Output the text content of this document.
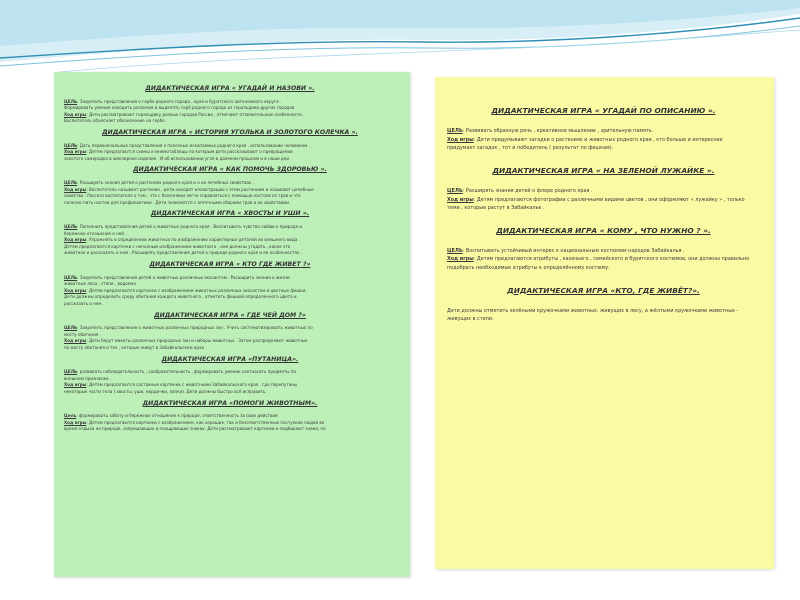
ДИДАКТИЧЕСКАЯ ИГРА « УГАДАЙ И НАЗОВИ ».

ЦЕЛЬ: Закрепить представления о гербе родного города , края и бурятского автономного округа .

Формировать умение находить различия и выделять герб родного города из геральдики других городов .

Ход игры: Дети рассматривают геральдику разных городов России , отмечают отличительные особенности .

Воспитатель объясняет обозначение на гербе .

ДИДАКТИЧЕСКАЯ ИГРА « ИСТОРИЯ УГОЛЬКА И ЗОЛОТОГО КОЛЕЧКА ».

ЦЕЛЬ: Дать первоначальные представления о полезных ископаемых родного края , использовании человеком .

Ход игры: Детям предлагаются схемы и мнемотаблицы по которым дети рассказывают о превращении

золотого самородка в ювелирное изделие . И об использовании угля в далеком прошлом и в наши дни .

ДИДАКТИЧЕСКАЯ ИГРА « КАК ПОМОЧЬ ЗДОРОВЬЮ ».

ЦЕЛЬ: Расширять знания детей о растениях родного края и о их лечебных свойствах .

Ход игры: Воспитатель называет растение , дети находят иллюстрацию с этим растением и называют целебные

свойства . Рассказ воспитателя о том , что с болезнями легче справляться с помощью настоев из трав и что

полезно пить настои для профилактики . Дети знакомятся с аптечными сборами трав и их свойствами .

ДИДАКТИЧЕСКАЯ ИГРА « ХВОСТЫ И УШИ ».

ЦЕЛЬ: Пополнить представления детей о животных родного края . Воспитывать чувства любви к природе и

бережное отношение к ней .

Ход игры: Упражнять в определении животных по изображению характерных деталей их внешнего вида .

Детям предлагаются карточки с неполным изображением животного , они должны угадать , какое это

животное и рассказать о нем . Расширять представления детей о природе родного края и ее особенностях .

ДИДАКТИЧЕСКАЯ ИГРА « КТО ГДЕ ЖИВЕТ ?»

ЦЕЛЬ: Закрепить представления детей о животных различных экосистем . Расширить знания о жизни

животных леса , степи , водоема .

Ход игры: Детям предлагаются картинки с изображением животных различных экосистем и цветные фишки.

Дети должны определить среду обитания каждого животного , отметить фишкой определенного цвета и

рассказать о нем .

ДИДАКТИЧЕСКАЯ ИГРА « ГДЕ ЧЕЙ ДОМ ?»

ЦЕЛЬ: Закрепить представление о животных различных природных зон . Учить систематизировать животных по

месту обитания .

Ход игры: Дети берут макеты различных природных зон и наборы животных . Затем распределяют животных

по месту обитания и тех , которые живут в Забайкальском крае .

ДИДАКТИЧЕСКАЯ ИГРА «ПУТАНИЦА».

ЦЕЛЬ: развивать наблюдательность , сообразительность , формировать умение соотносить предметы по

внешним признакам .

Ход игры: Детям предлагаются составные картинки с животными Забайкальского края , где перепутаны

некоторые части тела ( хвосты, уши, мордочки, лапки). Дети должны быстро всё исправить.

ДИДАКТИЧЕСКАЯ ИГРА «ПОМОГИ ЖИВОТНЫМ».

Цель: формировать заботу и бережное отношение к природе, ответственность за свои действия.

Ход игры: Детям предлагаются картинки с изображением, как хороших, так и безответственных поступков людей во

время отдыха на природе, запрещающих и поощряющих знаках. Дети рассматривают картинки и подбирают знаки, по

ДИДАКТИЧЕСКАЯ ИГРА « УГАДАЙ ПО ОПИСАНИЮ ».

ЦЕЛЬ: Развивать образную речь , креативное мышление , зрительную память.

Ход игры: Дети придумывают загадки о растениях и животных родного края , кто больше и интереснее

придумает загадок , тот и победитель ( результат по фишкам).

ДИДАКТИЧЕСКАЯ ИГРА « НА ЗЕЛЕНОЙ ЛУЖАЙКЕ ».

ЦЕЛЬ: Расширять знания детей о флоре родного края .

Ход игры: Детям предлагаются фотографии с различными видами цветов , они оформляют « лужайку » , только

теми , которые растут в Забайкалье .

ДИДАКТИЧЕСКАЯ ИГРА « КОМУ , ЧТО НУЖНО ? ».

ЦЕЛЬ: Воспитывать устойчивый интерес к национальным костюмам народов Забайкалья .

Ход игры: Детям предлагаются атрибуты , казачьего , семейского и бурятского костюмов, они должны правильно

подобрать необходимые атрибуты к определённому костюму.

ДИДАКТИЧЕСКАЯ ИГРА «КТО, ГДЕ ЖИВЁТ?».

Дети должны отметить зелёными кружочками животных, живущих в лесу, а жёлтыми кружочками животных -

живущих в степи.
